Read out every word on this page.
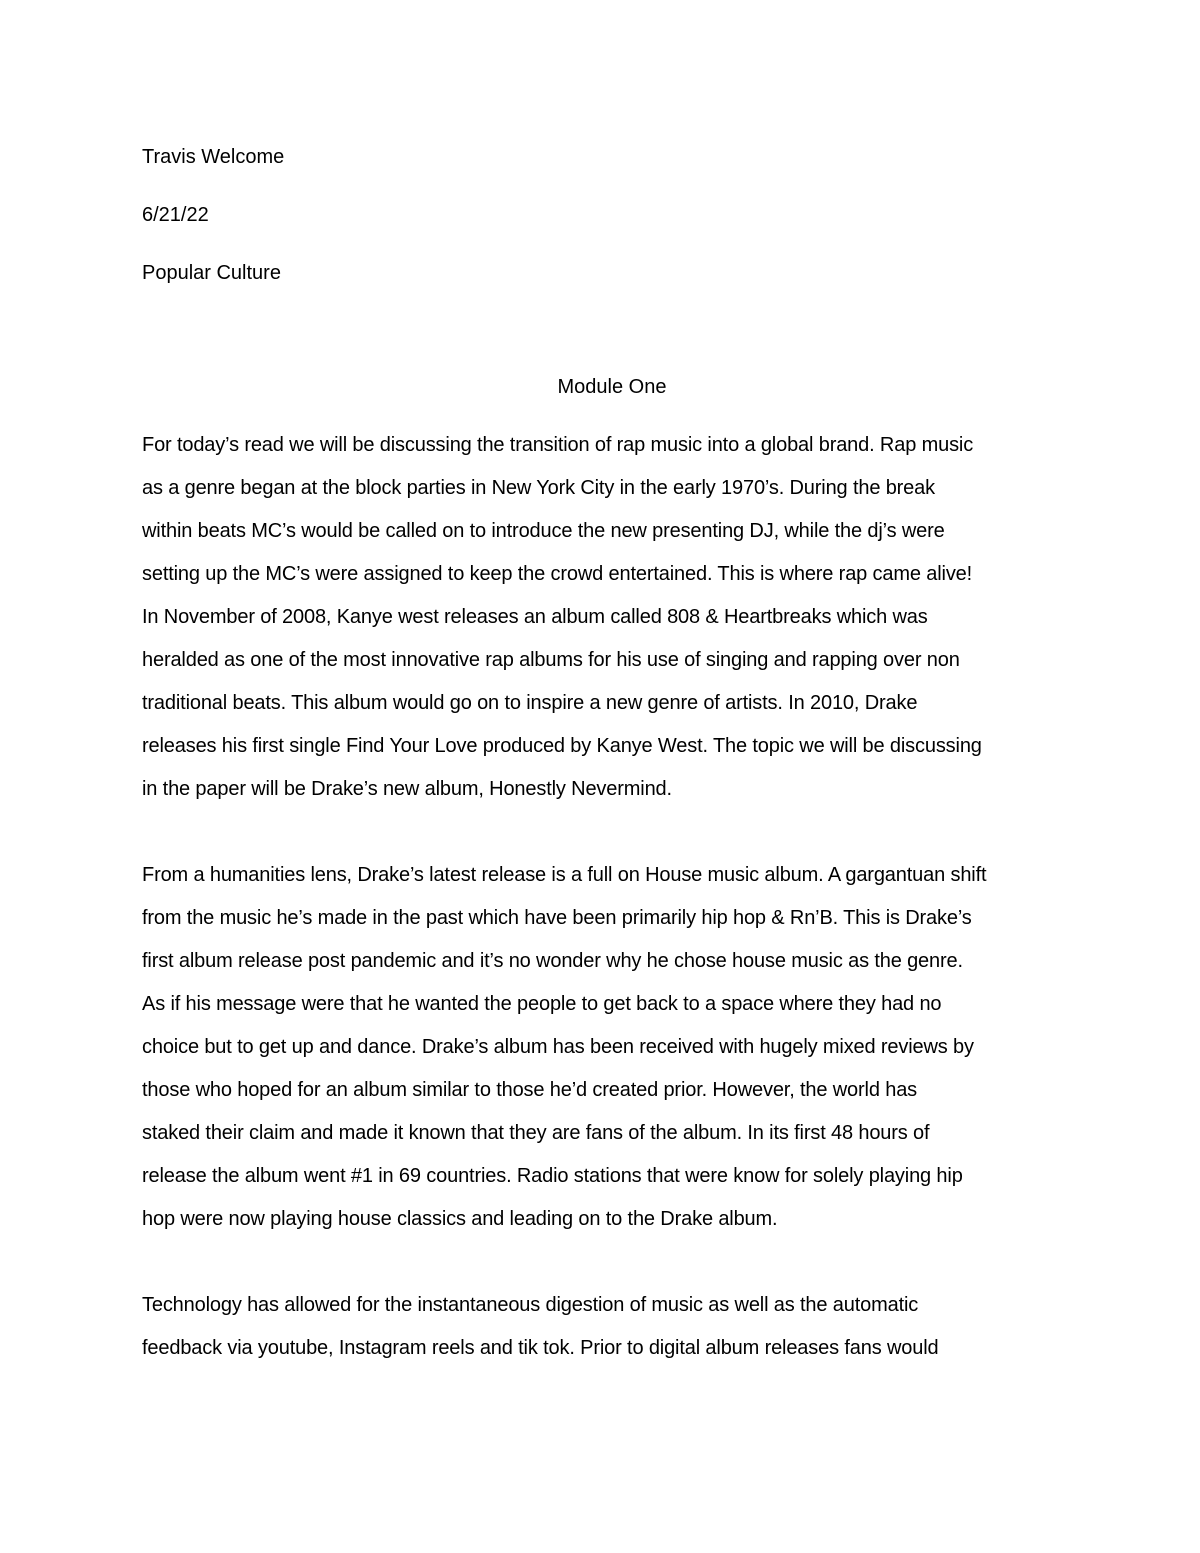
Travis Welcome
6/21/22
Popular Culture
Module One
For today’s read we will be discussing the transition of rap music into a global brand. Rap music
as a genre began at the block parties in New York City in the early 1970’s. During the break
within beats MC’s would be called on to introduce the new presenting DJ, while the dj’s were
setting up the MC’s were assigned to keep the crowd entertained. This is where rap came alive!
In November of 2008, Kanye west releases an album called 808 & Heartbreaks which was
heralded as one of the most innovative rap albums for his use of singing and rapping over non
traditional beats. This album would go on to inspire a new genre of artists. In 2010, Drake
releases his first single Find Your Love produced by Kanye West. The topic we will be discussing
in the paper will be Drake’s new album, Honestly Nevermind.
From a humanities lens, Drake’s latest release is a full on House music album. A gargantuan shift
from the music he’s made in the past which have been primarily hip hop & Rn’B. This is Drake’s
first album release post pandemic and it’s no wonder why he chose house music as the genre.
As if his message were that he wanted the people to get back to a space where they had no
choice but to get up and dance. Drake’s album has been received with hugely mixed reviews by
those who hoped for an album similar to those he’d created prior. However, the world has
staked their claim and made it known that they are fans of the album. In its first 48 hours of
release the album went #1 in 69 countries. Radio stations that were know for solely playing hip
hop were now playing house classics and leading on to the Drake album.
Technology has allowed for the instantaneous digestion of music as well as the automatic
feedback via youtube, Instagram reels and tik tok. Prior to digital album releases fans would
